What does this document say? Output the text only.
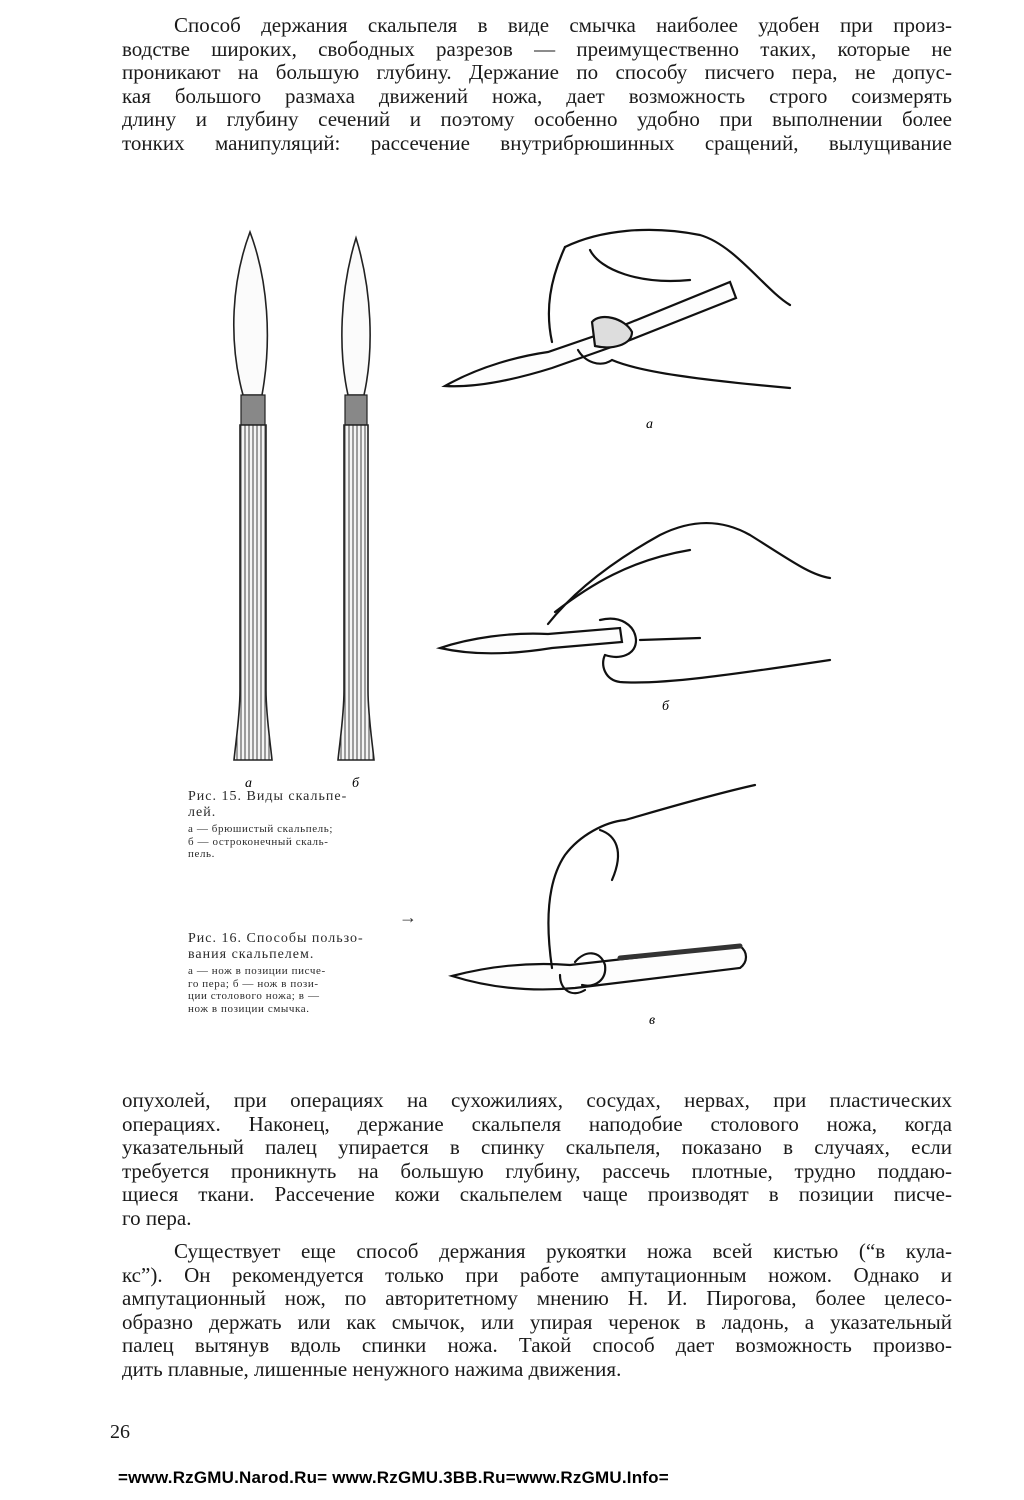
Способ держания скальпеля в виде смычка наиболее удобен при произ-
водстве широких, свободных разрезов — преимущественно таких, которые не
проникают на большую глубину. Держание по способу писчего пера, не допус-
кая большого размаха движений ножа, дает возможность строго соизмерять
длину и глубину сечений и поэтому особенно удобно при выполнении более
тонких манипуляций: рассечение внутрибрюшинных сращений, вылущивание

а	б
а
б
в
Рис. 15. Виды скальпе-
лей.
а — брюшистый скальпель;
б — остроконечный скаль-
пель.
→
Рис. 16. Способы пользо-
вания скальпелем.
а — нож в позиции писче-
го пера; б — нож в пози-
ции столового ножа; в —
нож в позиции смычка.

опухолей, при операциях на сухожилиях, сосудах, нервах, при пластических
операциях. Наконец, держание скальпеля наподобие столового ножа, когда
указательный палец упирается в спинку скальпеля, показано в случаях, если
требуется проникнуть на большую глубину, рассечь плотные, трудно поддаю-
щиеся ткани. Рассечение кожи скальпелем чаще производят в позиции писче-
го пера.

Существует еще способ держания рукоятки ножа всей кистью (“в кула-
кс”). Он рекомендуется только при работе ампутационным ножом. Однако и
ампутационный нож, по авторитетному мнению Н. И. Пирогова, более целесо-
образно держать или как смычок, или упирая черенок в ладонь, а указательный
палец вытянув вдоль спинки ножа. Такой способ дает возможность произво-
дить плавные, лишенные ненужного нажима движения.

26
=www.RzGMU.Narod.Ru= www.RzGMU.3BB.Ru=www.RzGMU.Info=
